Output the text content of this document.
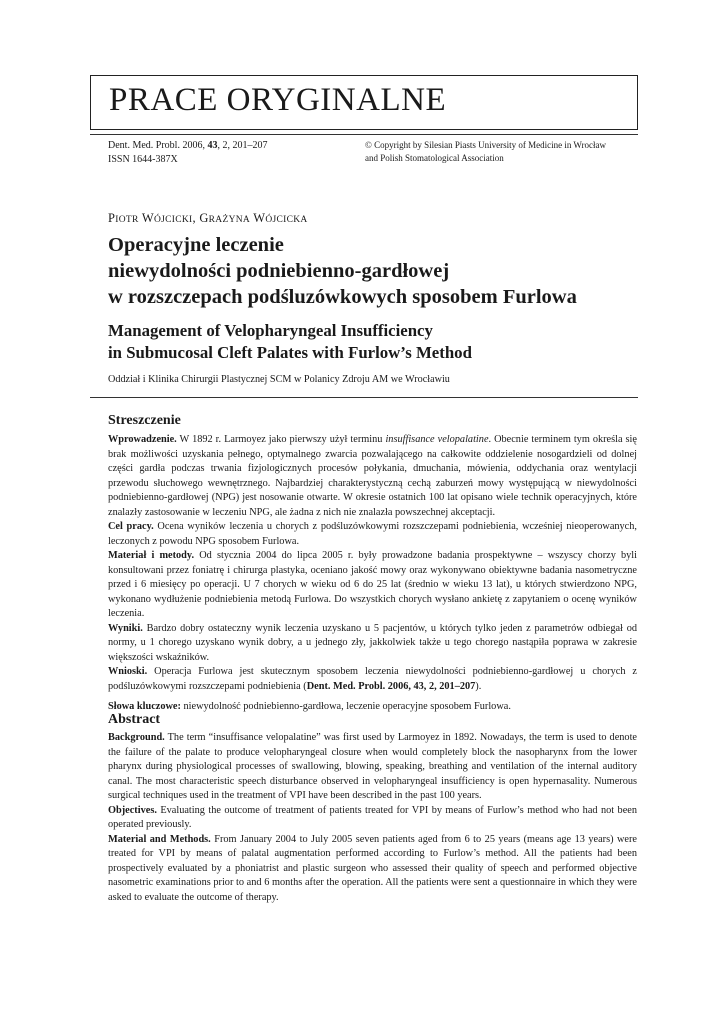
PRACE ORYGINALNE
Dent. Med. Probl. 2006, 43, 2, 201–207
ISSN 1644-387X
© Copyright by Silesian Piasts University of Medicine in Wrocław
and Polish Stomatological Association
PIOTR WÓJCICKI, GRAŻYNA WÓJCICKA
Operacyjne leczenie
niewydolności podniebienno-gardłowej
w rozszczepach podśluzówkowych sposobem Furlowa
Management of Velopharyngeal Insufficiency
in Submucosal Cleft Palates with Furlow’s Method
Oddział i Klinika Chirurgii Plastycznej SCM w Polanicy Zdroju AM we Wrocławiu
Streszczenie

Wprowadzenie. W 1892 r. Larmoyez jako pierwszy użył terminu insuffisance velopalatine. Obecnie terminem tym określa się brak możliwości uzyskania pełnego, optymalnego zwarcia pozwalającego na całkowite oddzielenie nosogardzieli od dolnej części gardła podczas trwania fizjologicznych procesów połykania, dmuchania, mówienia, oddychania oraz wentylacji przewodu słuchowego wewnętrznego. Najbardziej charakterystyczną cechą zaburzeń mowy występującą w niewydolności podniebienno-gardłowej (NPG) jest nosowanie otwarte. W okresie ostatnich 100 lat opisano wiele technik operacyjnych, które znalazły zastosowanie w leczeniu NPG, ale żadna z nich nie znalazła powszechnej akceptacji.

Cel pracy. Ocena wyników leczenia u chorych z podśluzówkowymi rozszczepami podniebienia, wcześniej nieoperowanych, leczonych z powodu NPG sposobem Furlowa.

Materiał i metody. Od stycznia 2004 do lipca 2005 r. były prowadzone badania prospektywne – wszyscy chorzy byli konsultowani przez foniatrę i chirurga plastyka, oceniano jakość mowy oraz wykonywano obiektywne badania nasometryczne przed i 6 miesięcy po operacji. U 7 chorych w wieku od 6 do 25 lat (średnio w wieku 13 lat), u których stwierdzono NPG, wykonano wydłużenie podniebienia metodą Furlowa. Do wszystkich chorych wysłano ankietę z zapytaniem o ocenę wyników leczenia.

Wyniki. Bardzo dobry ostateczny wynik leczenia uzyskano u 5 pacjentów, u których tylko jeden z parametrów odbiegał od normy, u 1 chorego uzyskano wynik dobry, a u jednego zły, jakkolwiek także u tego chorego nastąpiła poprawa w zakresie większości wskaźników.

Wnioski. Operacja Furlowa jest skutecznym sposobem leczenia niewydolności podniebienno-gardłowej u chorych z podśluzówkowymi rozszczepami podniebienia (Dent. Med. Probl. 2006, 43, 2, 201–207).

Słowa kluczowe: niewydolność podniebienno-gardłowa, leczenie operacyjne sposobem Furlowa.

Abstract

Background. The term “insuffisance velopalatine” was first used by Larmoyez in 1892. Nowadays, the term is used to denote the failure of the palate to produce velopharyngeal closure when would completely block the nasopharynx from the lower pharynx during physiological processes of swallowing, blowing, speaking, breathing and ventilation of the internal auditory canal. The most characteristic speech disturbance observed in velopharyngeal insufficiency is open hypernasality. Numerous surgical techniques used in the treatment of VPI have been described in the past 100 years.

Objectives. Evaluating the outcome of treatment of patients treated for VPI by means of Furlow’s method who had not been operated previously.

Material and Methods. From January 2004 to July 2005 seven patients aged from 6 to 25 years (means age 13 years) were treated for VPI by means of palatal augmentation performed according to Furlow’s method. All the patients had been prospectively evaluated by a phoniatrist and plastic surgeon who assessed their quality of speech and performed objective nasometric examinations prior to and 6 months after the operation. All the patients were sent a questionnaire in which they were asked to evaluate the outcome of therapy.
